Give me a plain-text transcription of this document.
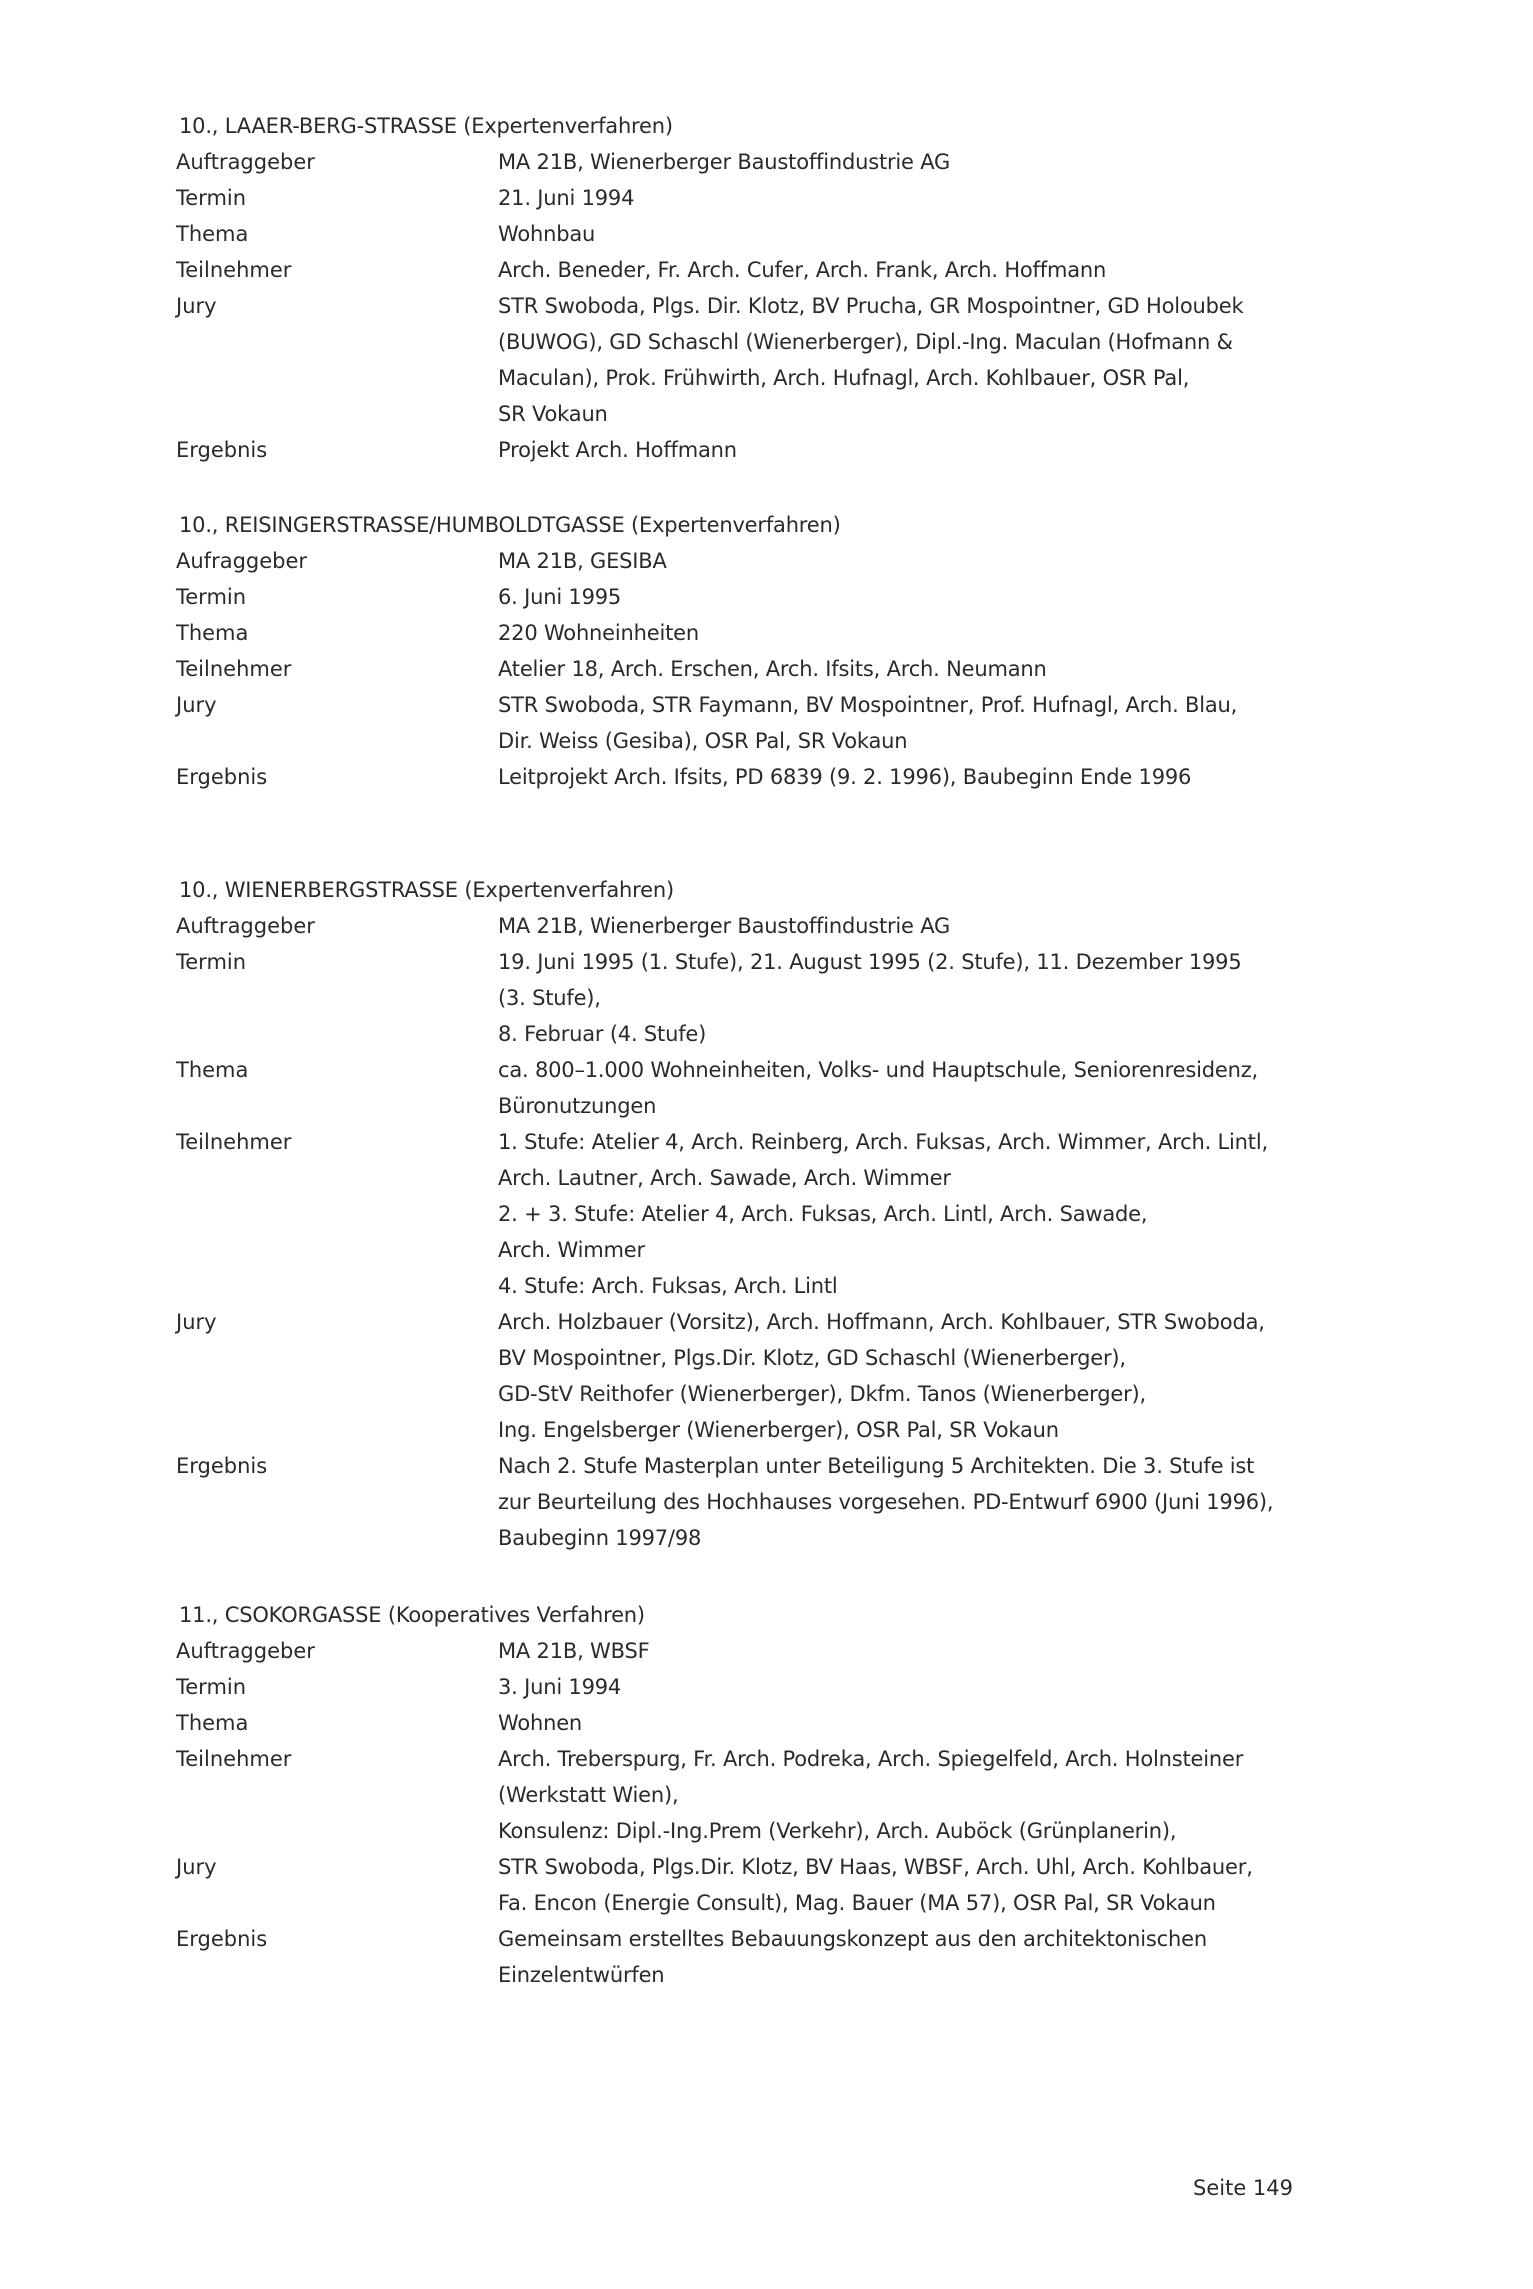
10., LAAER-BERG-STRASSE (Expertenverfahren)
Auftraggeber	MA 21B, Wienerberger Baustoffindustrie AG
Termin	21. Juni 1994
Thema	Wohnbau
Teilnehmer	Arch. Beneder, Fr. Arch. Cufer, Arch. Frank, Arch. Hoffmann
Jury	STR Swoboda, Plgs. Dir. Klotz, BV Prucha, GR Mospointner, GD Holoubek
(BUWOG), GD Schaschl (Wienerberger), Dipl.-Ing. Maculan (Hofmann &
Maculan), Prok. Frühwirth, Arch. Hufnagl, Arch. Kohlbauer, OSR Pal,
SR Vokaun
Ergebnis	Projekt Arch. Hoffmann
10., REISINGERSTRASSE/HUMBOLDTGASSE (Expertenverfahren)
Aufraggeber	MA 21B, GESIBA
Termin	6. Juni 1995
Thema	220 Wohneinheiten
Teilnehmer	Atelier 18, Arch. Erschen, Arch. Ifsits, Arch. Neumann
Jury	STR Swoboda, STR Faymann, BV Mospointner, Prof. Hufnagl, Arch. Blau,
Dir. Weiss (Gesiba), OSR Pal, SR Vokaun
Ergebnis	Leitprojekt Arch. Ifsits, PD 6839 (9. 2. 1996), Baubeginn Ende 1996
10., WIENERBERGSTRASSE (Expertenverfahren)
Auftraggeber	MA 21B, Wienerberger Baustoffindustrie AG
Termin	19. Juni 1995 (1. Stufe), 21. August 1995 (2. Stufe), 11. Dezember 1995
(3. Stufe),
8. Februar (4. Stufe)
Thema	ca. 800–1.000 Wohneinheiten, Volks- und Hauptschule, Seniorenresidenz,
Büronutzungen
Teilnehmer	1. Stufe: Atelier 4, Arch. Reinberg, Arch. Fuksas, Arch. Wimmer, Arch. Lintl,
Arch. Lautner, Arch. Sawade, Arch. Wimmer
2. + 3. Stufe: Atelier 4, Arch. Fuksas, Arch. Lintl, Arch. Sawade,
Arch. Wimmer
4. Stufe: Arch. Fuksas, Arch. Lintl
Jury	Arch. Holzbauer (Vorsitz), Arch. Hoffmann, Arch. Kohlbauer, STR Swoboda,
BV Mospointner, Plgs.Dir. Klotz, GD Schaschl (Wienerberger),
GD-StV Reithofer (Wienerberger), Dkfm. Tanos (Wienerberger),
Ing. Engelsberger (Wienerberger), OSR Pal, SR Vokaun
Ergebnis	Nach 2. Stufe Masterplan unter Beteiligung 5 Architekten. Die 3. Stufe ist
zur Beurteilung des Hochhauses vorgesehen. PD-Entwurf 6900 (Juni 1996),
Baubeginn 1997/98
11., CSOKORGASSE (Kooperatives Verfahren)
Auftraggeber	MA 21B, WBSF
Termin	3. Juni 1994
Thema	Wohnen
Teilnehmer	Arch. Treberspurg, Fr. Arch. Podreka, Arch. Spiegelfeld, Arch. Holnsteiner
(Werkstatt Wien),
Konsulenz: Dipl.-Ing.Prem (Verkehr), Arch. Auböck (Grünplanerin),
Jury	STR Swoboda, Plgs.Dir. Klotz, BV Haas, WBSF, Arch. Uhl, Arch. Kohlbauer,
Fa. Encon (Energie Consult), Mag. Bauer (MA 57), OSR Pal, SR Vokaun
Ergebnis	Gemeinsam erstelltes Bebauungskonzept aus den architektonischen
Einzelentwürfen
Seite 149
